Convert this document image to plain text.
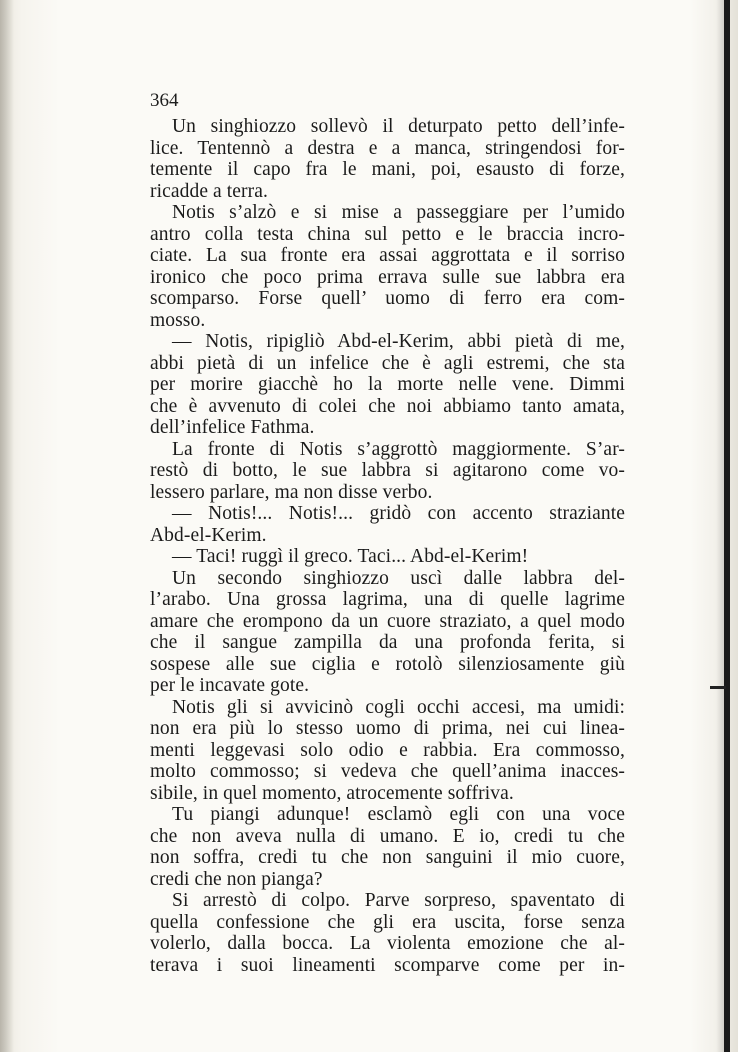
364
Un singhiozzo sollevò il deturpato petto dell’infe-
lice. Tentennò a destra e a manca, stringendosi for-
temente il capo fra le mani, poi, esausto di forze,
ricadde a terra.
Notis s’alzò e si mise a passeggiare per l’umido
antro colla testa china sul petto e le braccia incro-
ciate. La sua fronte era assai aggrottata e il sorriso
ironico che poco prima errava sulle sue labbra era
scomparso. Forse quell’ uomo di ferro era com-
mosso.
— Notis, ripigliò Abd-el-Kerim, abbi pietà di me,
abbi pietà di un infelice che è agli estremi, che sta
per morire giacchè ho la morte nelle vene. Dimmi
che è avvenuto di colei che noi abbiamo tanto amata,
dell’infelice Fathma.
La fronte di Notis s’aggrottò maggiormente. S’ar-
restò di botto, le sue labbra si agitarono come vo-
lessero parlare, ma non disse verbo.
— Notis!... Notis!... gridò con accento straziante
Abd-el-Kerim.
— Taci! ruggì il greco. Taci... Abd-el-Kerim!
Un secondo singhiozzo uscì dalle labbra del-
l’arabo. Una grossa lagrima, una di quelle lagrime
amare che erompono da un cuore straziato, a quel modo
che il sangue zampilla da una profonda ferita, si
sospese alle sue ciglia e rotolò silenziosamente giù
per le incavate gote.
Notis gli si avvicinò cogli occhi accesi, ma umidi:
non era più lo stesso uomo di prima, nei cui linea-
menti leggevasi solo odio e rabbia. Era commosso,
molto commosso; si vedeva che quell’anima inacces-
sibile, in quel momento, atrocemente soffriva.
Tu piangi adunque! esclamò egli con una voce
che non aveva nulla di umano. E io, credi tu che
non soffra, credi tu che non sanguini il mio cuore,
credi che non pianga?
Si arrestò di colpo. Parve sorpreso, spaventato di
quella confessione che gli era uscita, forse senza
volerlo, dalla bocca. La violenta emozione che al-
terava i suoi lineamenti scomparve come per in-
